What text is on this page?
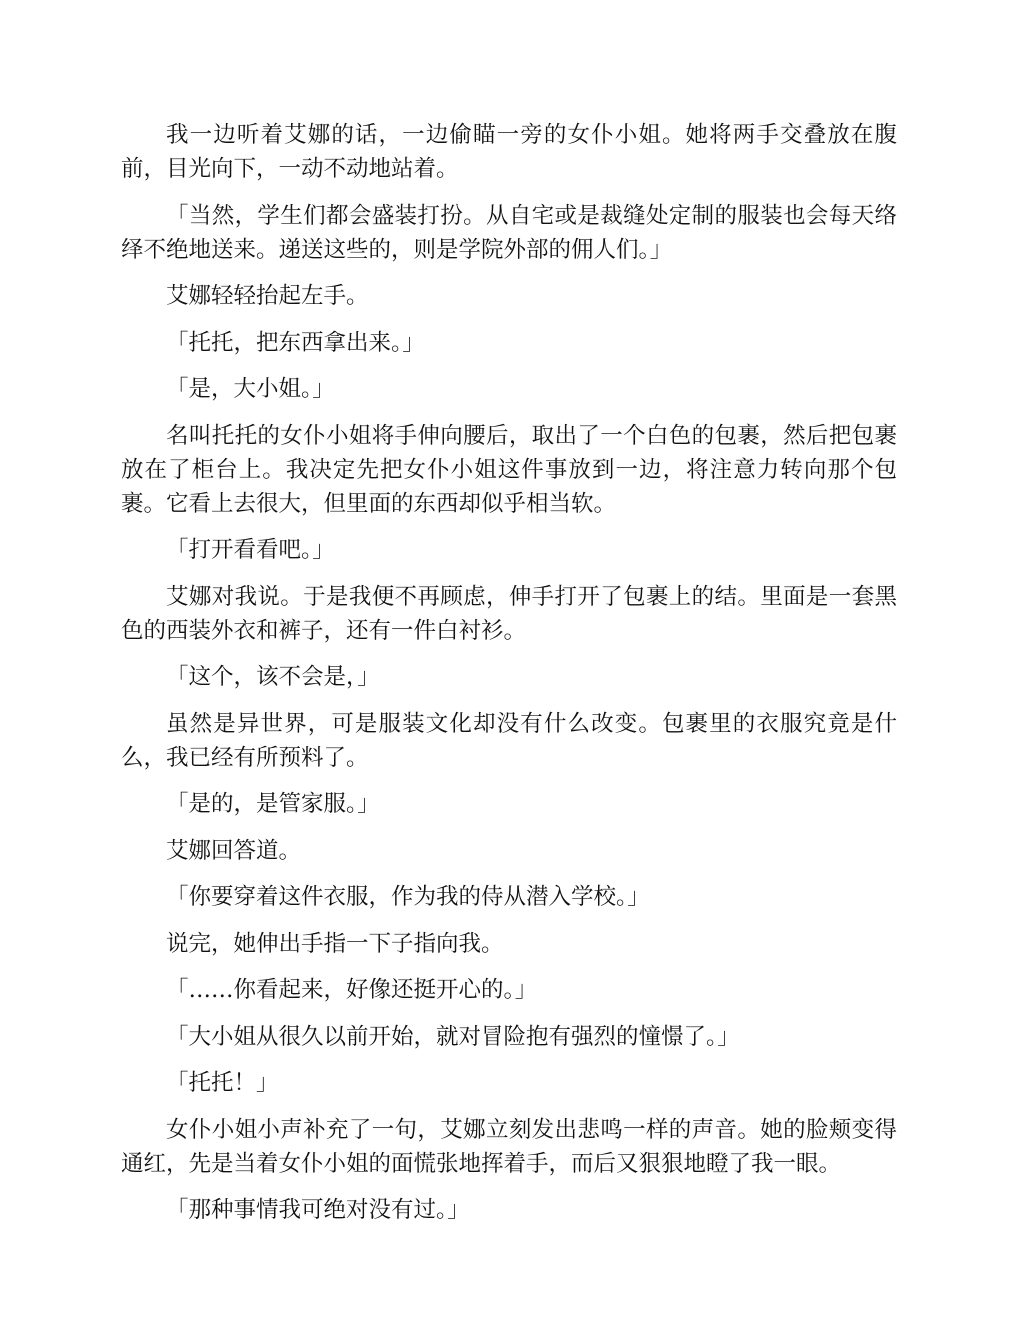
我一边听着艾娜的话，一边偷瞄一旁的女仆小姐。她将两手交叠放在腹前，目光向下，一动不动地站着。

「当然，学生们都会盛装打扮。从自宅或是裁缝处定制的服装也会每天络绎不绝地送来。递送这些的，则是学院外部的佣人们。」

艾娜轻轻抬起左手。

「托托，把东西拿出来。」

「是，大小姐。」

名叫托托的女仆小姐将手伸向腰后，取出了一个白色的包裹，然后把包裹放在了柜台上。我决定先把女仆小姐这件事放到一边，将注意力转向那个包裹。它看上去很大，但里面的东西却似乎相当软。

「打开看看吧。」

艾娜对我说。于是我便不再顾虑，伸手打开了包裹上的结。里面是一套黑色的西装外衣和裤子，还有一件白衬衫。

「这个，该不会是，」

虽然是异世界，可是服装文化却没有什么改变。包裹里的衣服究竟是什么，我已经有所预料了。

「是的，是管家服。」

艾娜回答道。

「你要穿着这件衣服，作为我的侍从潜入学校。」

说完，她伸出手指一下子指向我。

「……你看起来，好像还挺开心的。」

「大小姐从很久以前开始，就对冒险抱有强烈的憧憬了。」

「托托！」

女仆小姐小声补充了一句，艾娜立刻发出悲鸣一样的声音。她的脸颊变得通红，先是当着女仆小姐的面慌张地挥着手，而后又狠狠地瞪了我一眼。

「那种事情我可绝对没有过。」
